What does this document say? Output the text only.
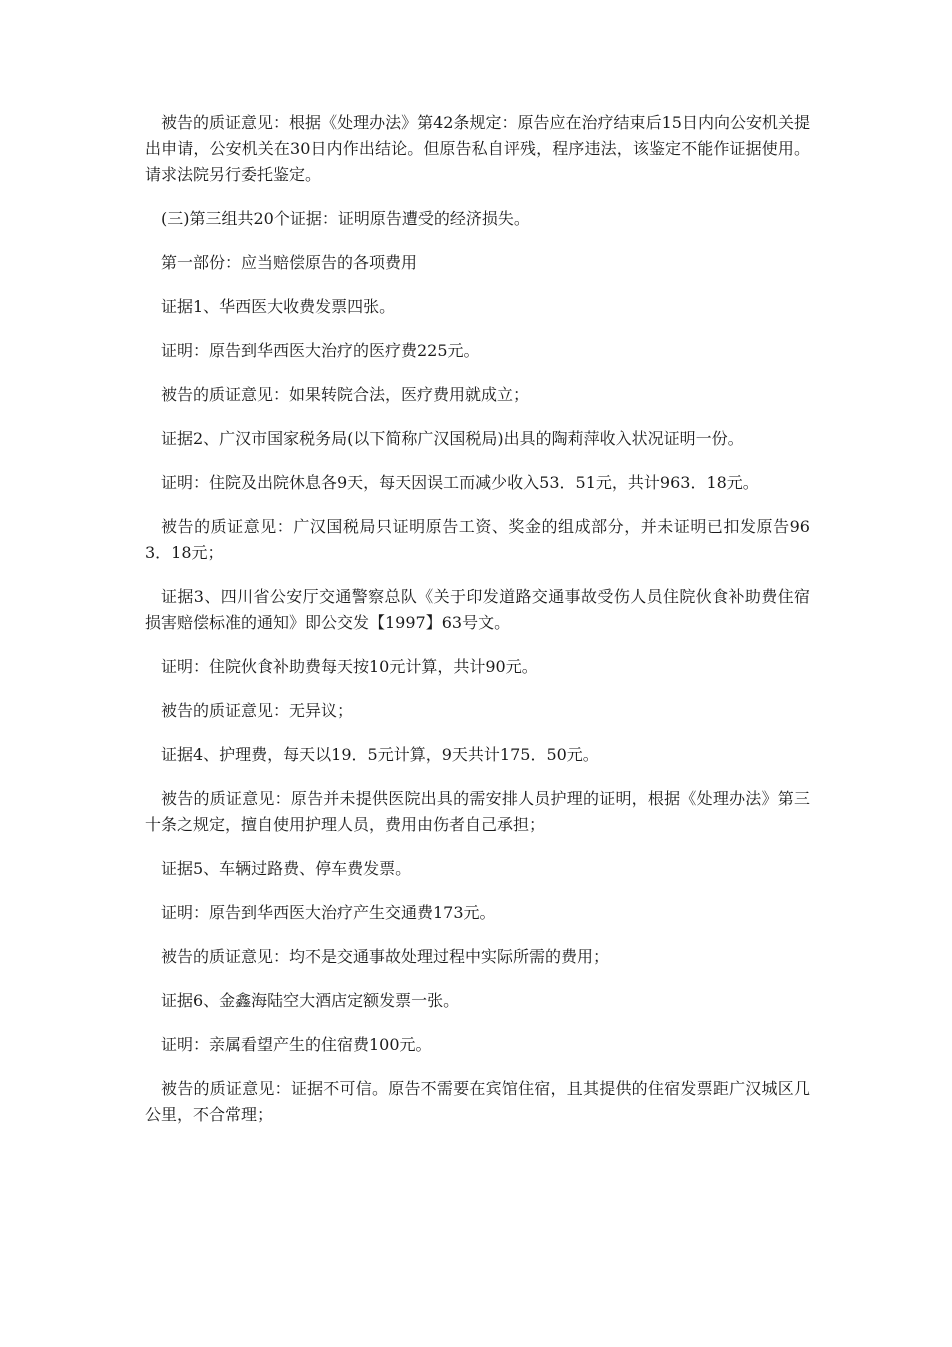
被告的质证意见：根据《处理办法》第42条规定：原告应在治疗结束后15日内向公安机关提出申请，公安机关在30日内作出结论。但原告私自评残，程序违法，该鉴定不能作证据使用。请求法院另行委托鉴定。

(三)第三组共20个证据：证明原告遭受的经济损失。

第一部份：应当赔偿原告的各项费用

证据1、华西医大收费发票四张。

证明：原告到华西医大治疗的医疗费225元。

被告的质证意见：如果转院合法，医疗费用就成立；

证据2、广汉市国家税务局(以下简称广汉国税局)出具的陶莉萍收入状况证明一份。

证明：住院及出院休息各9天，每天因误工而减少收入53．51元，共计963．18元。

被告的质证意见：广汉国税局只证明原告工资、奖金的组成部分，并未证明已扣发原告963．18元；

证据3、四川省公安厅交通警察总队《关于印发道路交通事故受伤人员住院伙食补助费住宿损害赔偿标准的通知》即公交发【1997】63号文。

证明：住院伙食补助费每天按10元计算，共计90元。

被告的质证意见：无异议；

证据4、护理费，每天以19．5元计算，9天共计175．50元。

被告的质证意见：原告并未提供医院出具的需安排人员护理的证明，根据《处理办法》第三十条之规定，擅自使用护理人员，费用由伤者自己承担；

证据5、车辆过路费、停车费发票。

证明：原告到华西医大治疗产生交通费173元。

被告的质证意见：均不是交通事故处理过程中实际所需的费用；

证据6、金鑫海陆空大酒店定额发票一张。

证明：亲属看望产生的住宿费100元。

被告的质证意见：证据不可信。原告不需要在宾馆住宿，且其提供的住宿发票距广汉城区几公里，不合常理；
